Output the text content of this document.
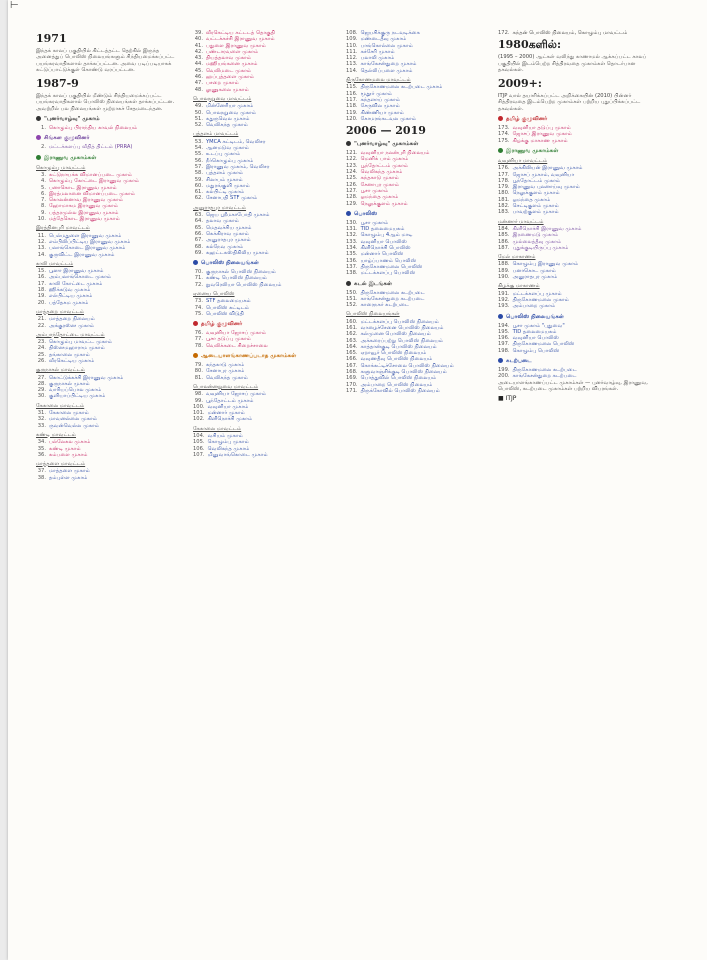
⊢
1971
இந்தக் காலப் பகுதியில் கிட்டத்தட்ட தெற்கில் இருந்த அனைத்துப் பொலிஸ் நிலையங்களும் சிந்தியமைக்கப்பட்ட பயங்கரவாதிகளால் தாக்கப்பட்டன. அவை படிப்படியாகக் கட்டுப்பாட்டுக்குள் கொண்டு வரப்பட்டன.
1987-9
இந்தக் காலப் பகுதியில் மீண்டும் சிந்தியமைக்கப்பட்ட பயங்கரவாதிகளால் பொலிஸ் நிலையங்கள் தாக்கப்பட்டன. அவற்றில் பல நிலையங்கள் முற்றாகச் சேதமடைந்தன.
"புனர்வாழ்வு" முகாம்
1. கொழும்பு பிராந்திய காவல் நிலையம்
சிங்கள குழுவினர்
2. மட்டக்களப்பு வீதித் திட்டம் (PRRA)
இராணுவ முகாம்கள்
கொழும்பு மாவட்டம்
3. கட்டுநாயக்க விமானப்படை முகாம்
4. கொழும்பு கோட்டை இராணுவ முகாம்
5. பனாகொட இராணுவ முகாம்
6. இரத்மலானை விமானப்படை முகாம்
7. கொலன்னாவ இராணுவ முகாம்
8. ஹோமாகம இராணுவ முகாம்
9. பத்தரமுல்ல இராணுவ முகாம்
10. மத்தேகொட இராணுவ முகாம்
இரத்தினபுரி மாவட்டம்
11. பெல்மதுளை இராணுவ முகாம்
12. எம்பிலிப்பிட்டிய இராணுவ முகாம்
13. பலாங்கொடை இராணுவ முகாம்
14. குருவிட்ட இராணுவ முகாம்
காலி மாவட்டம்
15. பூஸா இராணுவ முகாம்
16. அம்பலாங்கொடை முகாம்
17. காலி கோட்டை முகாம்
18. ஹிக்கடுவ முகாம்
19. எல்பிட்டிய முகாம்
20. பத்தேகம முகாம்
மாத்தறை மாவட்டம்
21. மாத்தறை நிலையம்
22. அக்குரஸ்ஸ முகாம்
அம்பாந்தோட்டை மாவட்டம்
23. கொழும்பு மாவட்ட முகாம்
24. திஸ்ஸமஹாராம முகாம்
25. தங்காலை முகாம்
26. வீரகெட்டிய முகாம்
குருநாகல் மாவட்டம்
27. கொட்டுக்கச்சி இராணுவ முகாம்
28. குருநாகல் முகாம்
29. வாரியப்பொல முகாம்
30. குளியாப்பிட்டிய முகாம்
கேகாலை மாவட்டம்
31. கேகாலை முகாம்
32. மாவனல்லை முகாம்
33. ருவன்வெல்ல முகாம்
கண்டி மாவட்டம்
34. பல்லேகல முகாம்
35. கண்டி முகாம்
36. கம்பளை முகாம்
மாத்தளை மாவட்டம்
37. மாத்தளை முகாம்
38. தம்புள்ள முகாம்
39. வீரகெட்டிய கட்டடத் தொகுதி
40. வட்டக்கச்சி இராணுவ முகாம்
41. பதுளை இராணுவ முகாம்
42. பண்டாரவளை முகாம்
43. தியத்தலாவ முகாம்
44. மஹியங்கனை முகாம்
45. வெலிமடை முகாம்
46. ஹப்புத்தளை முகாம்
47. பசறை முகாம்
48. லுணுகலை முகாம்
பொலநறுவை மாவட்டம்
49. மின்னேரியா முகாம்
50. பொலநறுவை முகாம்
51. கதுருவெல முகாம்
52. வெலிகந்த முகாம்
புத்தளம் மாவட்டம்
53. YMCA கட்டிடம், வெலிசர
54. ஆனமடுவ முகாம்
55. உடப்பு முகாம்
56. நீர்கொழும்பு முகாம்
57. இராணுவ முகாம், வெலிசர
58. புத்தளம் முகாம்
59. சிலாபம் முகாம்
60. மதுரங்குளி முகாம்
61. கல்பிட்டி முகாம்
62. சேனாபதி STF முகாம்
அனுராதபுர மாவட்டம்
63. ஜெய ஸ்ரீமகாபோதி முகாம்
64. தலாவ முகாம்
65. மெதவச்சிய முகாம்
66. கெக்கிராவ முகாம்
67. அனுராதபுர முகாம்
68. கல்நேவ முகாம்
69. கஹட்டகஸ்திகிலிய முகாம்
பொலிஸ் நிலையங்கள்
70. குருநாகல் பொலிஸ் நிலையம்
71. கண்டி பொலிஸ் நிலையம்
72. நுவரெலியா பொலிஸ் நிலையம்
ஏனைய பொலிஸ்
73. STF தலைமையகம்
74. பொலிஸ் கட்டிடம்
75. பொலிஸ் விடுதி
தமிழ் குழுவினர்
76. வவுனியா ஜோசப் முகாம்
77. பூசா தடுப்பு முகாம்
78. வெலிக்கடை சிறைச்சாலை
ஆடையாளங்காணப்படாத முகாம்கள்
79. கந்தகாடு முகாம்
80. சேனாபுர முகாம்
81. வெலிகந்த முகாம்
பொலன்னறுவை மாவட்டம்
98. வவுனியா ஜோசப் முகாம்
99. பூந்தோட்டம் முகாம்
100. வவுனியா முகாம்
101. மன்னார் முகாம்
102. கிளிநொச்சி முகாம்
கேகாலை மாவட்டம்
104. வசியம் முகாம்
105. கொழும்பு முகாம்
106. வெலிகந்த முகாம்
107. மினுவாங்கொடை முகாம்
108. ஜெயசிக்குரு நடவடிக்கை
109. மண்டைதீவு முகாம்
110. பாங்கொல்லை முகாம்
111. கச்சேரி முகாம்
112. பலாலி முகாம்
113. காங்கேசன்துறை முகாம்
114. தெல்லிப்பளை முகாம்
திருகோணமலை மாவட்டம்
115. திருகோணமலை கடற்படை முகாம்
116. மூதூர் முகாம்
117. கந்தளாய் முகாம்
118. சேருவில முகாம்
119. கிண்ணியா முகாம்
120. கோமரங்கடவல முகாம்
2006 — 2019
"புனர்வாழ்வு" முகாம்கள்
121. வவுனியா நலன்புரி நிலையம்
122. மெனிக் பாம் முகாம்
123. பூந்தோட்டம் முகாம்
124. வெலிகந்த முகாம்
125. கந்தகாடு முகாம்
126. சேனாபுர முகாம்
127. பூசா முகாம்
128. ஓமந்தை முகாம்
129. நெலுக்குளம் முகாம்
பொலிஸ்
130. பூசா முகாம்
131. TID தலைமையகம்
132. கொழும்பு 4ஆம் மாடி
133. வவுனியா பொலிஸ்
134. கிளிநொச்சி பொலிஸ்
135. மன்னார் பொலிஸ்
136. யாழ்ப்பாணம் பொலிஸ்
137. திருகோணமலை பொலிஸ்
138. மட்டக்களப்பு பொலிஸ்
கடல் இடங்கள்
150. திருகோணமலை கடற்படை
151. காங்கேசன்துறை கடற்படை
152. காரைநகர் கடற்படை
பொலிஸ் நிலையங்கள்
160. மட்டக்களப்பு பொலிஸ் நிலையம்
161. வாழைச்சேனை பொலிஸ் நிலையம்
162. கல்முனை பொலிஸ் நிலையம்
163. அக்கரைப்பற்று பொலிஸ் நிலையம்
164. காத்தான்குடி பொலிஸ் நிலையம்
165. ஏறாவூர் பொலிஸ் நிலையம்
166. வவுணதீவு பொலிஸ் நிலையம்
167. கொக்கட்டிச்சோலை பொலிஸ் நிலையம்
168. களுவாஞ்சிக்குடி பொலிஸ் நிலையம்
169. பொத்துவில் பொலிஸ் நிலையம்
170. அம்பாறை பொலிஸ் நிலையம்
171. திருக்கோவில் பொலிஸ் நிலையம்
172. கந்தன் பொலிஸ் நிலையம், கொழும்பு மாவட்டம்
1980களில்:
(1995 – 2000) ஆட்கள் வலிந்து காணாமல் ஆக்கப்பட்ட காலப் பகுதியில் இடம்பெற்ற சித்திரவதை முகாம்கள் தொடர்பான தகவல்கள்.
2009+:
ITJP வால் தயாரிக்கப்பட்ட அறிக்கையின் (2010) பின்னர் சித்திரவதை இடம்பெற்ற முகாம்கள் பற்றிய புதுப்பிக்கப்பட்ட தகவல்கள்.
தமிழ் குழுவினர்
173. வவுனியா தடுப்பு முகாம்
174. ஜோசப் இராணுவ முகாம்
175. கிழக்கு மாகாண முகாம்
இராணுவ முகாம்கள்
வவுனியா மாவட்டம்
176. அக்கிலியன் இராணுவ முகாம்
177. ஜோசப் முகாம், வவுனியா
178. பூந்தோட்டம் முகாம்
179. இராணுவ புலனாய்வு முகாம்
180. நெலுக்குளம் முகாம்
181. ஓமந்தை முகாம்
182. செட்டிகுளம் முகாம்
183. பாவற்குளம் முகாம்
மன்னார் மாவட்டம்
184. கிளிநொச்சி இராணுவ முகாம்
185. இரணைமடு முகாம்
186. முல்லைத்தீவு முகாம்
187. புதுக்குடியிருப்பு முகாம்
மேல் மாகாணம்
188. கொழும்பு இராணுவ முகாம்
189. பனாகொட முகாம்
190. அனுராதபுர முகாம்
கிழக்கு மாகாணம்
191. மட்டக்களப்பு முகாம்
192. திருகோணமலை முகாம்
193. அம்பாறை முகாம்
பொலிஸ் நிலையங்கள்
194. பூசா முகாம் "புதுவை"
195. TID தலைமையகம்
196. வவுனியா பொலிஸ்
197. திருகோணமலை பொலிஸ்
198. கொழும்பு பொலிஸ்
கடற்படை
199. திருகோணமலை கடற்படை
200. காங்கேசன்துறை கடற்படை
அடையாளங்காணப்பட்ட முகாம்கள் — புனர்வாழ்வு, இராணுவ, பொலிஸ், கடற்படை முகாம்கள் பற்றிய விபரங்கள்.
■ ITJP
